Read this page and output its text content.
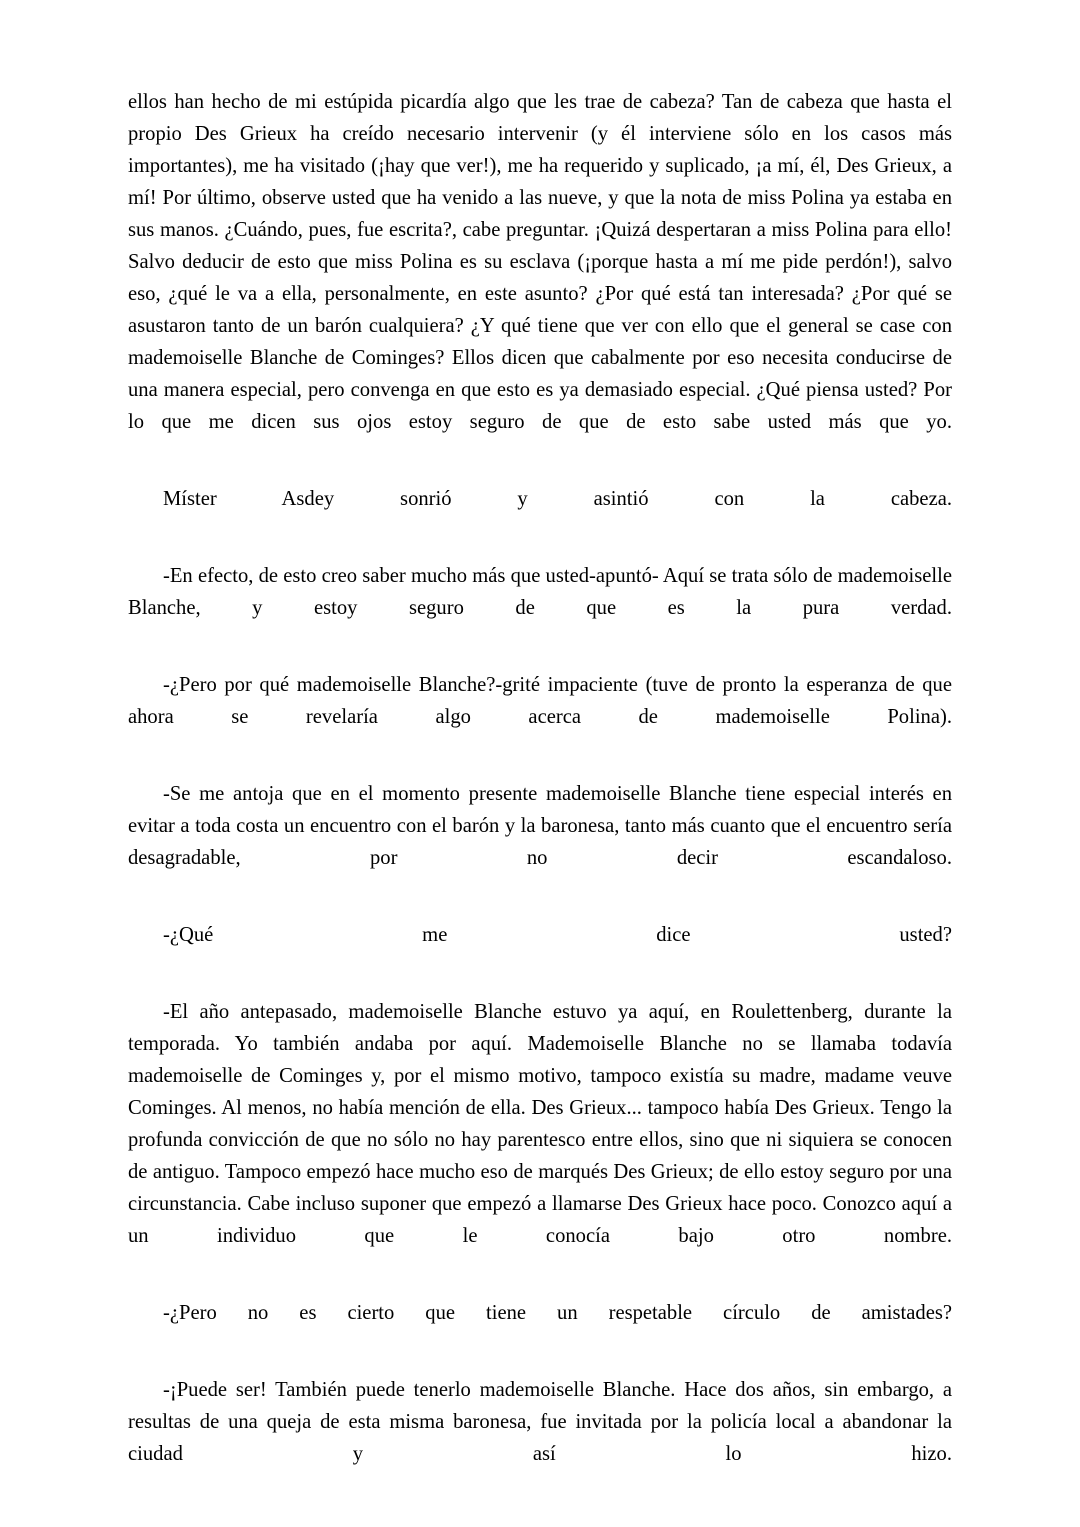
ellos han hecho de mi estúpida picardía algo que les trae de cabeza? Tan de cabeza que hasta el propio Des Grieux ha creído necesario intervenir (y él interviene sólo en los casos más importantes), me ha visitado (¡hay que ver!), me ha requerido y suplicado, ¡a mí, él, Des Grieux, a mí! Por último, observe usted que ha venido a las nueve, y que la nota de miss Polina ya estaba en sus manos. ¿Cuándo, pues, fue escrita?, cabe preguntar. ¡Quizá despertaran a miss Polina para ello! Salvo deducir de esto que miss Polina es su esclava (¡porque hasta a mí me pide perdón!), salvo eso, ¿qué le va a ella, personalmente, en este asunto? ¿Por qué está tan interesada? ¿Por qué se asustaron tanto de un barón cualquiera? ¿Y qué tiene que ver con ello que el general se case con mademoiselle Blanche de Cominges? Ellos dicen que cabalmente por eso necesita conducirse de una manera especial, pero convenga en que esto es ya demasiado especial. ¿Qué piensa usted? Por lo que me dicen sus ojos estoy seguro de que de esto sabe usted más que yo.

Míster Asdey sonrió y asintió con la cabeza.

-En efecto, de esto creo saber mucho más que usted-apuntó- Aquí se trata sólo de mademoiselle Blanche, y estoy seguro de que es la pura verdad.

-¿Pero por qué mademoiselle Blanche?-grité impaciente (tuve de pronto la esperanza de que ahora se revelaría algo acerca de mademoiselle Polina).

-Se me antoja que en el momento presente mademoiselle Blanche tiene especial interés en evitar a toda costa un encuentro con el barón y la baronesa, tanto más cuanto que el encuentro sería desagradable, por no decir escandaloso.

-¿Qué me dice usted?

-El año antepasado, mademoiselle Blanche estuvo ya aquí, en Roulettenberg, durante la temporada. Yo también andaba por aquí. Mademoiselle Blanche no se llamaba todavía mademoiselle de Cominges y, por el mismo motivo, tampoco existía su madre, madame veuve Cominges. Al menos, no había mención de ella. Des Grieux... tampoco había Des Grieux. Tengo la profunda convicción de que no sólo no hay parentesco entre ellos, sino que ni siquiera se conocen de antiguo. Tampoco empezó hace mucho eso de marqués Des Grieux; de ello estoy seguro por una circunstancia. Cabe incluso suponer que empezó a llamarse Des Grieux hace poco. Conozco aquí a un individuo que le conocía bajo otro nombre.

-¿Pero no es cierto que tiene un respetable círculo de amistades?

-¡Puede ser! También puede tenerlo mademoiselle Blanche. Hace dos años, sin embargo, a resultas de una queja de esta misma baronesa, fue invitada por la policía local a abandonar la ciudad y así lo hizo.
